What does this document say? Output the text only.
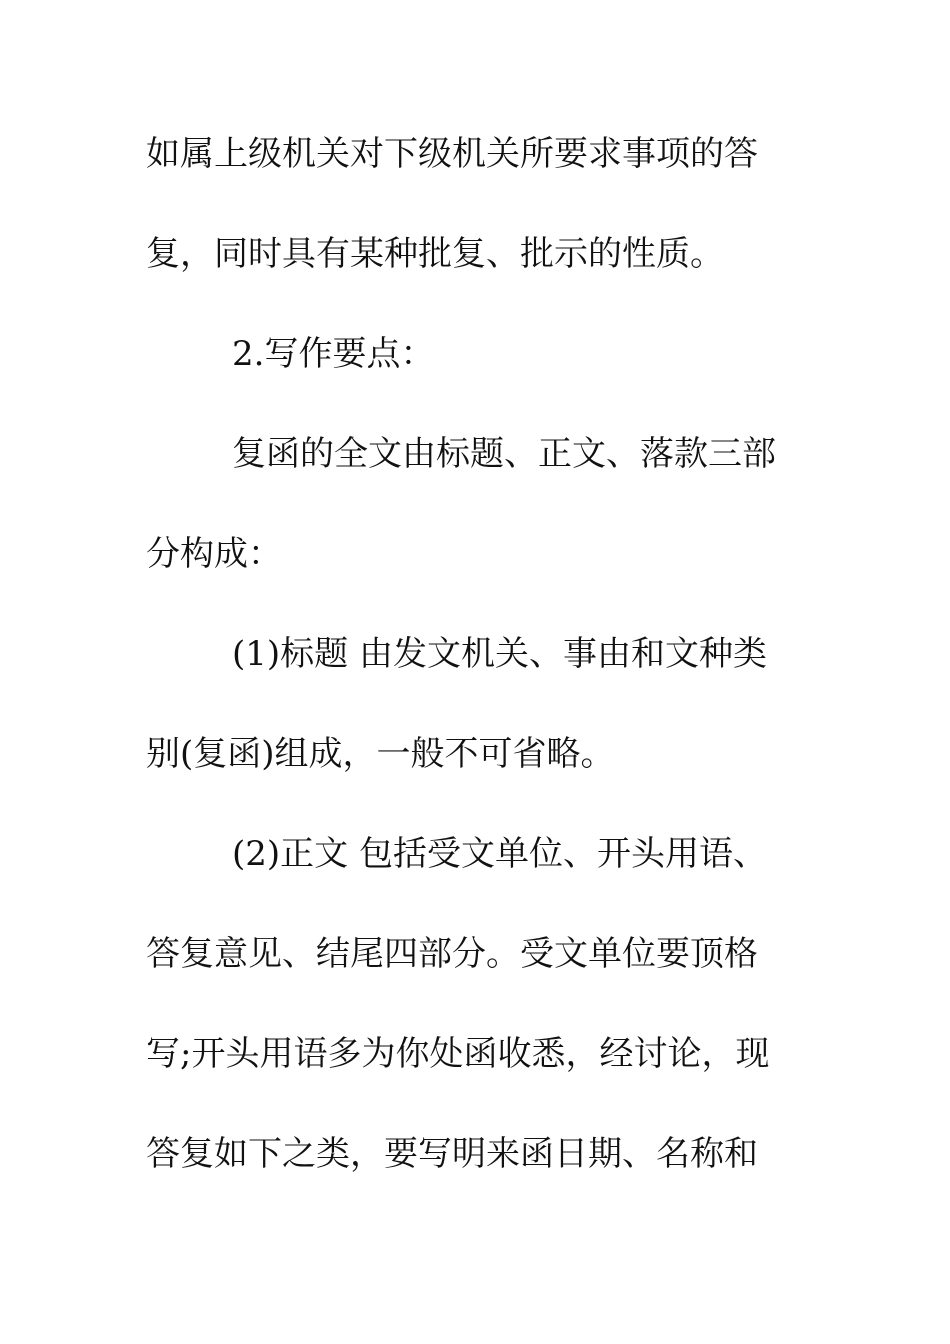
如属上级机关对下级机关所要求事项的答

复，同时具有某种批复、批示的性质。

2.写作要点：

复函的全文由标题、正文、落款三部

分构成：

(1)标题 由发文机关、事由和文种类

别(复函)组成，一般不可省略。

(2)正文 包括受文单位、开头用语、

答复意见、结尾四部分。受文单位要顶格

写;开头用语多为你处函收悉，经讨论，现

答复如下之类，要写明来函日期、名称和
